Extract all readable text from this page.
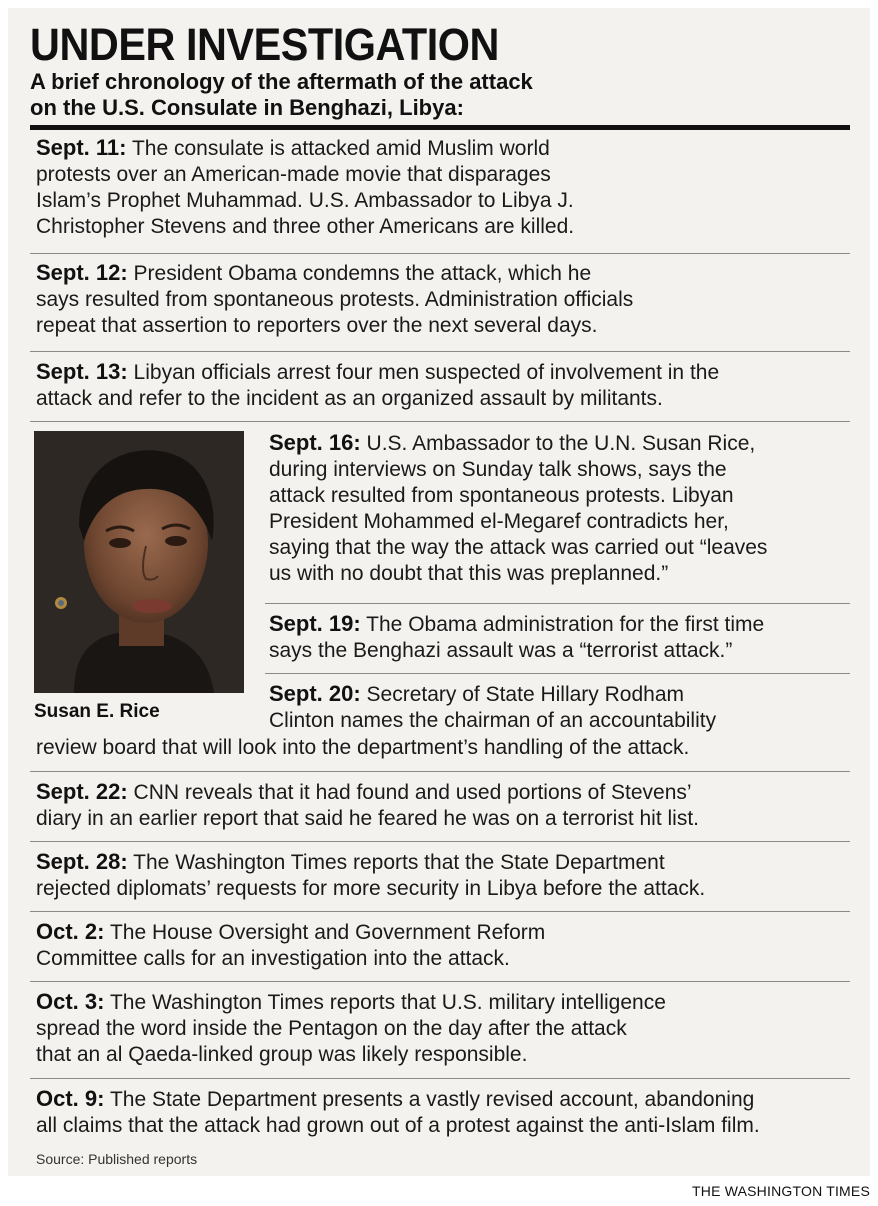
UNDER INVESTIGATION
A brief chronology of the aftermath of the attack
on the U.S. Consulate in Benghazi, Libya:

Sept. 11: The consulate is attacked amid Muslim world
protests over an American-made movie that disparages
Islam’s Prophet Muhammad. U.S. Ambassador to Libya J.
Christopher Stevens and three other Americans are killed.

Sept. 12: President Obama condemns the attack, which he
says resulted from spontaneous protests. Administration officials
repeat that assertion to reporters over the next several days.

Sept. 13: Libyan officials arrest four men suspected of involvement in the
attack and refer to the incident as an organized assault by militants.

Susan E. Rice

Sept. 16: U.S. Ambassador to the U.N. Susan Rice,
during interviews on Sunday talk shows, says the
attack resulted from spontaneous protests. Libyan
President Mohammed el-Megaref contradicts her,
saying that the way the attack was carried out “leaves
us with no doubt that this was preplanned.”

Sept. 19: The Obama administration for the first time
says the Benghazi assault was a “terrorist attack.”

Sept. 20: Secretary of State Hillary Rodham
Clinton names the chairman of an accountability

review board that will look into the department’s handling of the attack.

Sept. 22: CNN reveals that it had found and used portions of Stevens’
diary in an earlier report that said he feared he was on a terrorist hit list.

Sept. 28: The Washington Times reports that the State Department
rejected diplomats’ requests for more security in Libya before the attack.

Oct. 2: The House Oversight and Government Reform
Committee calls for an investigation into the attack.

Oct. 3: The Washington Times reports that U.S. military intelligence
spread the word inside the Pentagon on the day after the attack
that an al Qaeda-linked group was likely responsible.

Oct. 9: The State Department presents a vastly revised account, abandoning
all claims that the attack had grown out of a protest against the anti-Islam film.

Source: Published reports
THE WASHINGTON TIMES
